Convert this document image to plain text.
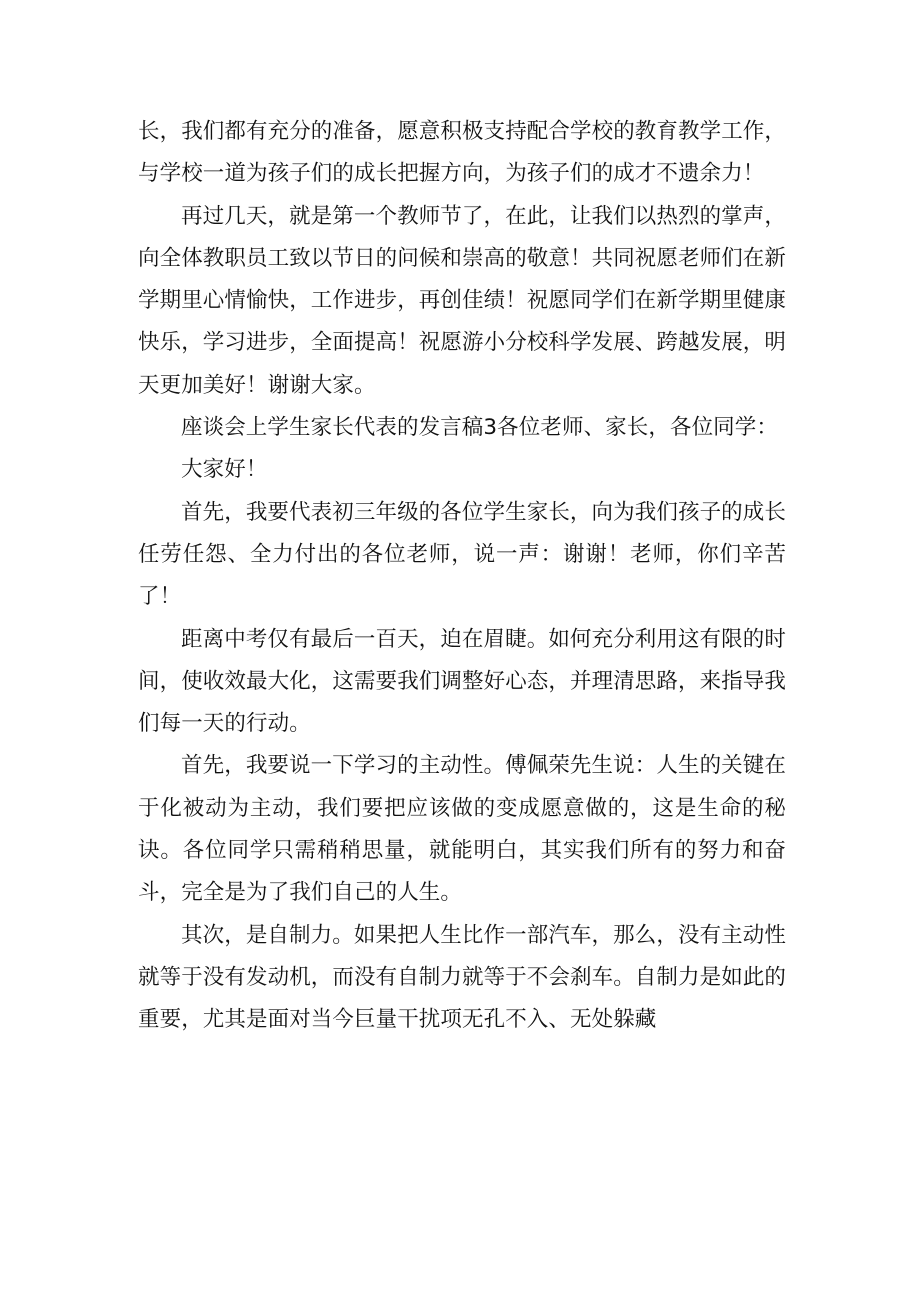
长，我们都有充分的准备，愿意积极支持配合学校的教育教学工作，与学校一道为孩子们的成长把握方向，为孩子们的成才不遗余力！

再过几天，就是第一个教师节了，在此，让我们以热烈的掌声，向全体教职员工致以节日的问候和崇高的敬意！共同祝愿老师们在新学期里心情愉快，工作进步，再创佳绩！祝愿同学们在新学期里健康快乐，学习进步，全面提高！祝愿游小分校科学发展、跨越发展，明天更加美好！谢谢大家。

座谈会上学生家长代表的发言稿3各位老师、家长，各位同学：

大家好！

首先，我要代表初三年级的各位学生家长，向为我们孩子的成长任劳任怨、全力付出的各位老师，说一声：谢谢！老师，你们辛苦了！

距离中考仅有最后一百天，迫在眉睫。如何充分利用这有限的时间，使收效最大化，这需要我们调整好心态，并理清思路，来指导我们每一天的行动。

首先，我要说一下学习的主动性。傅佩荣先生说：人生的关键在于化被动为主动，我们要把应该做的变成愿意做的，这是生命的秘诀。各位同学只需稍稍思量，就能明白，其实我们所有的努力和奋斗，完全是为了我们自己的人生。

其次，是自制力。如果把人生比作一部汽车，那么，没有主动性就等于没有发动机，而没有自制力就等于不会刹车。自制力是如此的重要，尤其是面对当今巨量干扰项无孔不入、无处躲藏
